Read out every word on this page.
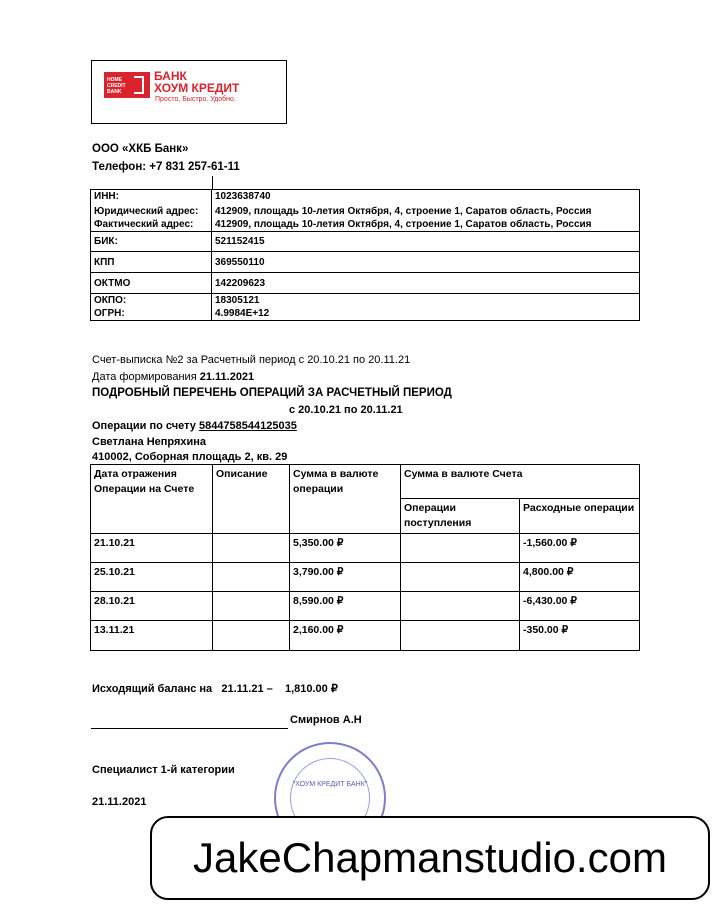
HOME CREDIT BANK
БАНК
ХОУМ КРЕДИТ
Просто. Быстро. Удобно.
ООО «ХКБ Банк»
Телефон: +7 831 257-61-11
ИНН:	1023638740
Юридический адрес:	412909, площадь 10-летия Октября, 4, строение 1, Саратов область, Россия
Фактический адрес:	412909, площадь 10-летия Октября, 4, строение 1, Саратов область, Россия
БИК:	521152415
КПП	369550110
ОКТМО	142209623
ОКПО:	18305121
ОГРН:	4.9984E+12
Счет-выписка №2 за Расчетный период с 20.10.21 по 20.11.21
Дата формирования 21.11.2021
ПОДРОБНЫЙ ПЕРЕЧЕНЬ ОПЕРАЦИЙ ЗА РАСЧЕТНЫЙ ПЕРИОД
с 20.10.21 по 20.11.21
Операции по счету 5844758544125035
Светлана Непряхина
410002, Соборная площадь 2, кв. 29
Дата отражения Операции на Счете	Описание	Сумма в валюте операции	Сумма в валюте Счета	
			Операции поступления	Расходные операции
21.10.21		5,350.00 ₽		-1,560.00 ₽
25.10.21		3,790.00 ₽		4,800.00 ₽
28.10.21		8,590.00 ₽		-6,430.00 ₽
13.11.21		2,160.00 ₽		-350.00 ₽
Исходящий баланс на 21.11.21 – 1,810.00 ₽
Смирнов А.Н
Специалист 1-й категории
21.11.2021
"ХОУМ КРЕДИТ БАНК"
JakeChapmanstudio.com
